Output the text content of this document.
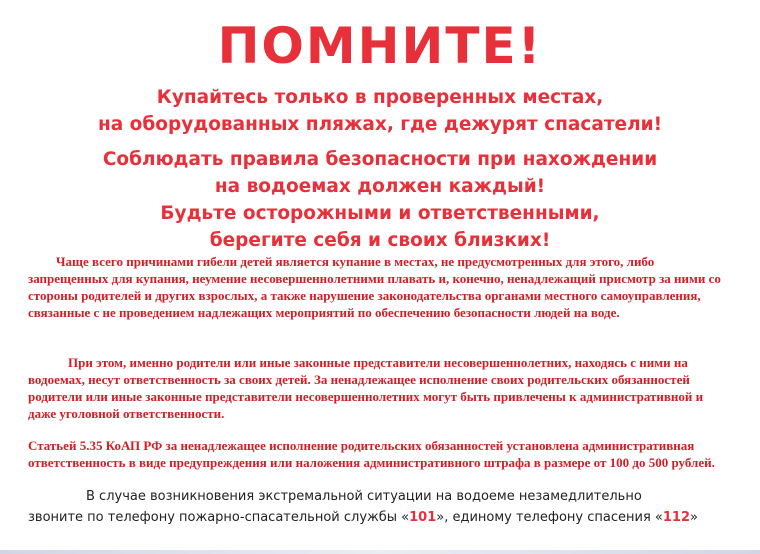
ПОМНИТЕ!
Купайтесь только в проверенных местах,
на оборудованных пляжах, где дежурят спасатели!
Соблюдать правила безопасности при нахождении
на водоемах должен каждый!
Будьте осторожными и ответственными,
берегите себя и своих близких!

Чаще всего причинами гибели детей является купание в местах, не предусмотренных для этого, либо запрещенных для купания, неумение несовершеннолетними плавать и, конечно, ненадлежащий присмотр за ними со стороны родителей и других взрослых, а также нарушение законодательства органами местного самоуправления, связанные с не проведением надлежащих мероприятий по обеспечению безопасности людей на воде.

При этом, именно родители или иные законные представители несовершеннолетних, находясь с ними на водоемах, несут ответственность за своих детей. За ненадлежащее исполнение своих родительских обязанностей родители или иные законные представители несовершеннолетних могут быть привлечены к административной и даже уголовной ответственности.

Статьей 5.35 КоАП РФ за ненадлежащее исполнение родительских обязанностей установлена административная ответственность в виде предупреждения или наложения административного штрафа в размере от 100 до 500 рублей.

В случае возникновения экстремальной ситуации на водоеме незамедлительно
звоните по телефону пожарно-спасательной службы «101», единому телефону спасения «112»
